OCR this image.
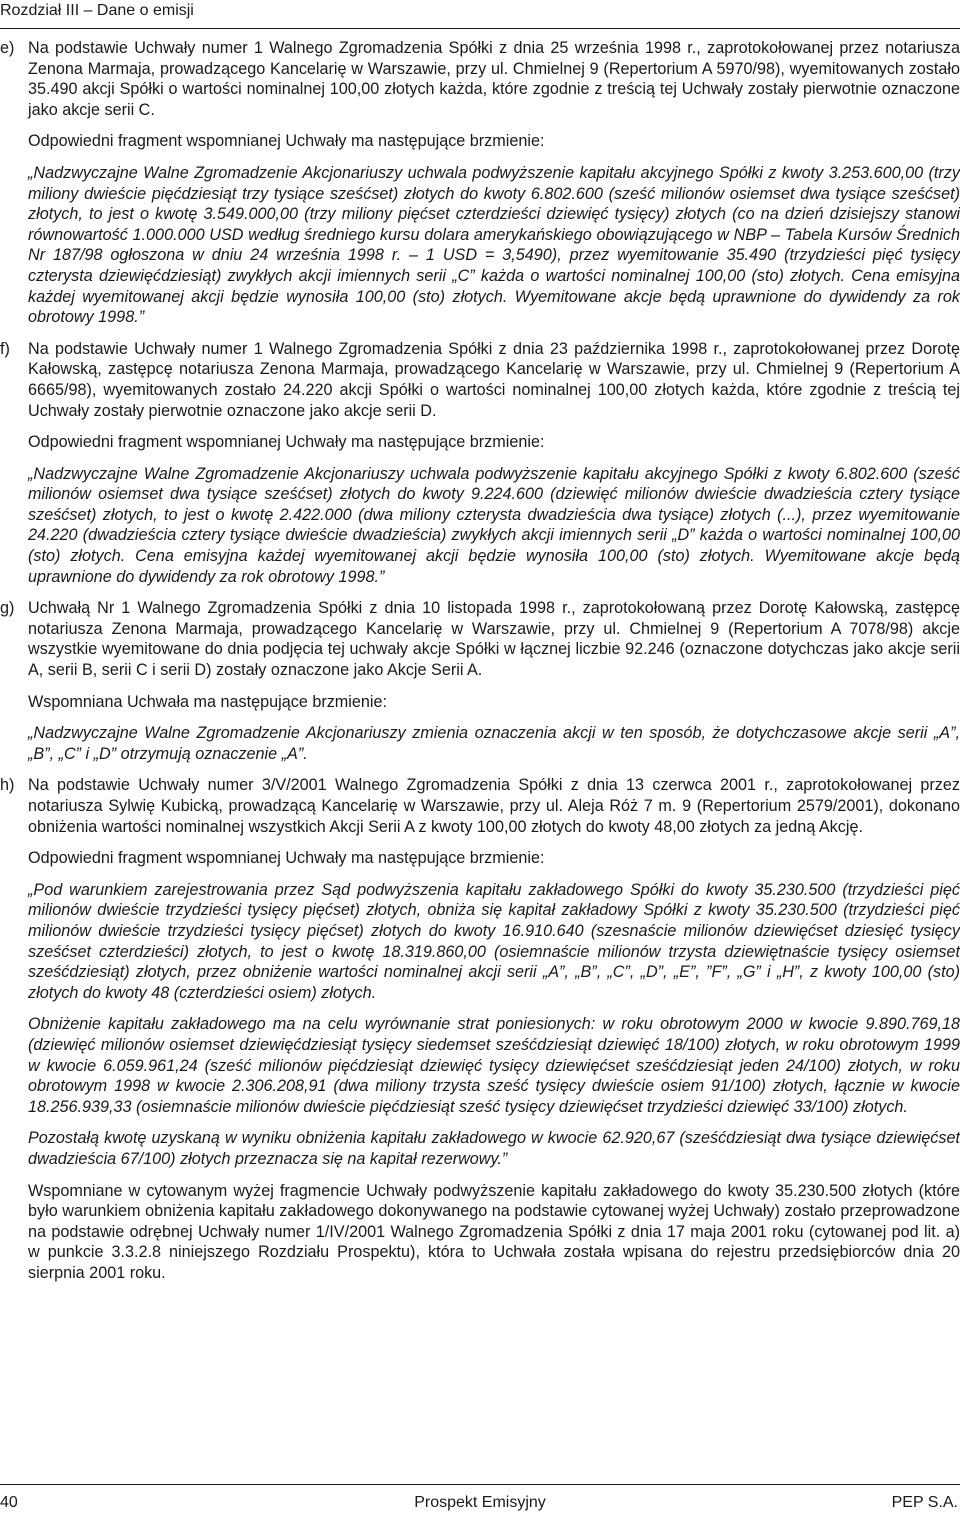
Rozdział III – Dane o emisji
e) Na podstawie Uchwały numer 1 Walnego Zgromadzenia Spółki z dnia 25 września 1998 r., zaprotokołowanej przez notariusza Zenona Marmaja, prowadzącego Kancelarię w Warszawie, przy ul. Chmielnej 9 (Repertorium A 5970/98), wyemitowanych zostało 35.490 akcji Spółki o wartości nominalnej 100,00 złotych każda, które zgodnie z treścią tej Uchwały zostały pierwotnie oznaczone jako akcje serii C.

Odpowiedni fragment wspomnianej Uchwały ma następujące brzmienie:

„Nadzwyczajne Walne Zgromadzenie Akcjonariuszy uchwala podwyższenie kapitału akcyjnego Spółki z kwoty 3.253.600,00 (trzy miliony dwieście pięćdziesiąt trzy tysiące sześćset) złotych do kwoty 6.802.600 (sześć milionów osiemset dwa tysiące sześćset) złotych, to jest o kwotę 3.549.000,00 (trzy miliony pięćset czterdzieści dziewięć tysięcy) złotych (co na dzień dzisiejszy stanowi równowartość 1.000.000 USD według średniego kursu dolara amerykańskiego obowiązującego w NBP – Tabela Kursów Średnich Nr 187/98 ogłoszona w dniu 24 września 1998 r. – 1 USD = 3,5490), przez wyemitowanie 35.490 (trzydzieści pięć tysięcy czterysta dziewięćdziesiąt) zwykłych akcji imiennych serii „C” każda o wartości nominalnej 100,00 (sto) złotych. Cena emisyjna każdej wyemitowanej akcji będzie wynosiła 100,00 (sto) złotych. Wyemitowane akcje będą uprawnione do dywidendy za rok obrotowy 1998.”

f) Na podstawie Uchwały numer 1 Walnego Zgromadzenia Spółki z dnia 23 października 1998 r., zaprotokołowanej przez Dorotę Kałowską, zastępcę notariusza Zenona Marmaja, prowadzącego Kancelarię w Warszawie, przy ul. Chmielnej 9 (Repertorium A 6665/98), wyemitowanych zostało 24.220 akcji Spółki o wartości nominalnej 100,00 złotych każda, które zgodnie z treścią tej Uchwały zostały pierwotnie oznaczone jako akcje serii D.

Odpowiedni fragment wspomnianej Uchwały ma następujące brzmienie:

„Nadzwyczajne Walne Zgromadzenie Akcjonariuszy uchwala podwyższenie kapitału akcyjnego Spółki z kwoty 6.802.600 (sześć milionów osiemset dwa tysiące sześćset) złotych do kwoty 9.224.600 (dziewięć milionów dwieście dwadzieścia cztery tysiące sześćset) złotych, to jest o kwotę 2.422.000 (dwa miliony czterysta dwadzieścia dwa tysiące) złotych (...), przez wyemitowanie 24.220 (dwadzieścia cztery tysiące dwieście dwadzieścia) zwykłych akcji imiennych serii „D” każda o wartości nominalnej 100,00 (sto) złotych. Cena emisyjna każdej wyemitowanej akcji będzie wynosiła 100,00 (sto) złotych. Wyemitowane akcje będą uprawnione do dywidendy za rok obrotowy 1998.”

g) Uchwałą Nr 1 Walnego Zgromadzenia Spółki z dnia 10 listopada 1998 r., zaprotokołowaną przez Dorotę Kałowską, zastępcę notariusza Zenona Marmaja, prowadzącego Kancelarię w Warszawie, przy ul. Chmielnej 9 (Repertorium A 7078/98) akcje wszystkie wyemitowane do dnia podjęcia tej uchwały akcje Spółki w łącznej liczbie 92.246 (oznaczone dotychczas jako akcje serii A, serii B, serii C i serii D) zostały oznaczone jako Akcje Serii A.

Wspomniana Uchwała ma następujące brzmienie:

„Nadzwyczajne Walne Zgromadzenie Akcjonariuszy zmienia oznaczenia akcji w ten sposób, że dotychczasowe akcje serii „A”, „B”, „C” i „D” otrzymują oznaczenie „A”.

h) Na podstawie Uchwały numer 3/V/2001 Walnego Zgromadzenia Spółki z dnia 13 czerwca 2001 r., zaprotokołowanej przez notariusza Sylwię Kubicką, prowadzącą Kancelarię w Warszawie, przy ul. Aleja Róż 7 m. 9 (Repertorium 2579/2001), dokonano obniżenia wartości nominalnej wszystkich Akcji Serii A z kwoty 100,00 złotych do kwoty 48,00 złotych za jedną Akcję.

Odpowiedni fragment wspomnianej Uchwały ma następujące brzmienie:

„Pod warunkiem zarejestrowania przez Sąd podwyższenia kapitału zakładowego Spółki do kwoty 35.230.500 (trzydzieści pięć milionów dwieście trzydzieści tysięcy pięćset) złotych, obniża się kapitał zakładowy Spółki z kwoty 35.230.500 (trzydzieści pięć milionów dwieście trzydzieści tysięcy pięćset) złotych do kwoty 16.910.640 (szesnaście milionów dziewięćset dziesięć tysięcy sześćset czterdzieści) złotych, to jest o kwotę 18.319.860,00 (osiemnaście milionów trzysta dziewiętnaście tysięcy osiemset sześćdziesiąt) złotych, przez obniżenie wartości nominalnej akcji serii „A”, „B”, „C”, „D”, „E”, ”F”, „G” i „H”, z kwoty 100,00 (sto) złotych do kwoty 48 (czterdzieści osiem) złotych.

Obniżenie kapitału zakładowego ma na celu wyrównanie strat poniesionych: w roku obrotowym 2000 w kwocie 9.890.769,18 (dziewięć milionów osiemset dziewięćdziesiąt tysięcy siedemset sześćdziesiąt dziewięć 18/100) złotych, w roku obrotowym 1999 w kwocie 6.059.961,24 (sześć milionów pięćdziesiąt dziewięć tysięcy dziewięćset sześćdziesiąt jeden 24/100) złotych, w roku obrotowym 1998 w kwocie 2.306.208,91 (dwa miliony trzysta sześć tysięcy dwieście osiem 91/100) złotych, łącznie w kwocie 18.256.939,33 (osiemnaście milionów dwieście pięćdziesiąt sześć tysięcy dziewięćset trzydzieści dziewięć 33/100) złotych.

Pozostałą kwotę uzyskaną w wyniku obniżenia kapitału zakładowego w kwocie 62.920,67 (sześćdziesiąt dwa tysiące dziewięćset dwadzieścia 67/100) złotych przeznacza się na kapitał rezerwowy.”

Wspomniane w cytowanym wyżej fragmencie Uchwały podwyższenie kapitału zakładowego do kwoty 35.230.500 złotych (które było warunkiem obniżenia kapitału zakładowego dokonywanego na podstawie cytowanej wyżej Uchwały) zostało przeprowadzone na podstawie odrębnej Uchwały numer 1/IV/2001 Walnego Zgromadzenia Spółki z dnia 17 maja 2001 roku (cytowanej pod lit. a) w punkcie 3.3.2.8 niniejszego Rozdziału Prospektu), która to Uchwała została wpisana do rejestru przedsiębiorców dnia 20 sierpnia 2001 roku.

40	Prospekt Emisyjny	PEP S.A.
